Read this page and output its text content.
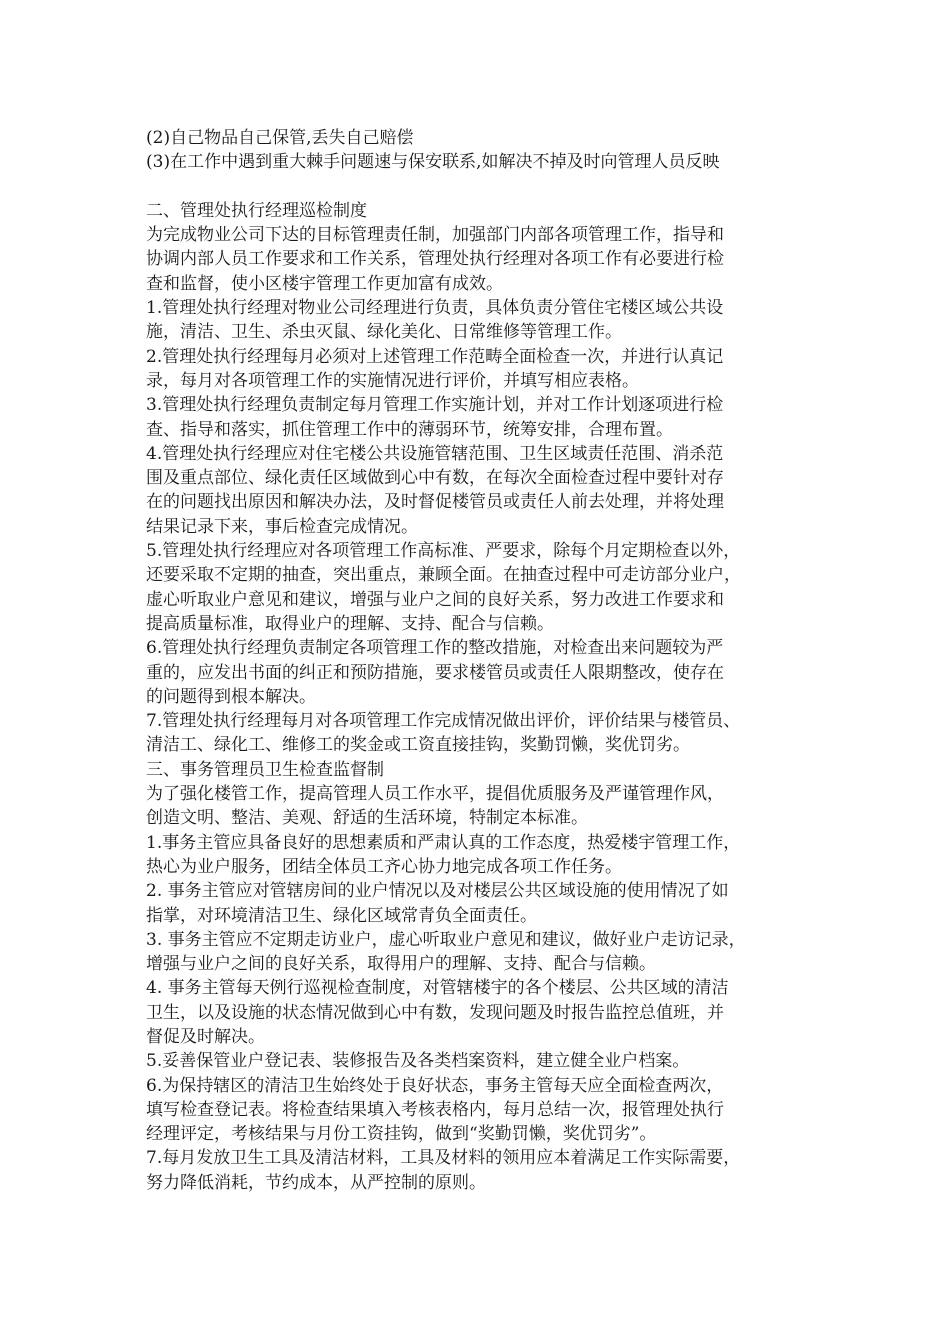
(2)自己物品自己保管,丢失自己赔偿
(3)在工作中遇到重大棘手问题速与保安联系,如解决不掉及时向管理人员反映
二、管理处执行经理巡检制度
为完成物业公司下达的目标管理责任制，加强部门内部各项管理工作，指导和
协调内部人员工作要求和工作关系，管理处执行经理对各项工作有必要进行检
查和监督，使小区楼宇管理工作更加富有成效。
1.管理处执行经理对物业公司经理进行负责，具体负责分管住宅楼区域公共设
施，清洁、卫生、杀虫灭鼠、绿化美化、日常维修等管理工作。
2.管理处执行经理每月必须对上述管理工作范畴全面检查一次，并进行认真记
录，每月对各项管理工作的实施情况进行评价，并填写相应表格。
3.管理处执行经理负责制定每月管理工作实施计划，并对工作计划逐项进行检
查、指导和落实，抓住管理工作中的薄弱环节，统筹安排，合理布置。
4.管理处执行经理应对住宅楼公共设施管辖范围、卫生区域责任范围、消杀范
围及重点部位、绿化责任区域做到心中有数，在每次全面检查过程中要针对存
在的问题找出原因和解决办法，及时督促楼管员或责任人前去处理，并将处理
结果记录下来，事后检查完成情况。
5.管理处执行经理应对各项管理工作高标准、严要求，除每个月定期检查以外，
还要采取不定期的抽查，突出重点，兼顾全面。在抽查过程中可走访部分业户，
虚心听取业户意见和建议，增强与业户之间的良好关系，努力改进工作要求和
提高质量标准，取得业户的理解、支持、配合与信赖。
6.管理处执行经理负责制定各项管理工作的整改措施，对检查出来问题较为严
重的，应发出书面的纠正和预防措施，要求楼管员或责任人限期整改，使存在
的问题得到根本解决。
7.管理处执行经理每月对各项管理工作完成情况做出评价，评价结果与楼管员、
清洁工、绿化工、维修工的奖金或工资直接挂钩，奖勤罚懒，奖优罚劣。
三、事务管理员卫生检查监督制
为了强化楼管工作，提高管理人员工作水平，提倡优质服务及严谨管理作风，
创造文明、整洁、美观、舒适的生活环境，特制定本标准。
1.事务主管应具备良好的思想素质和严肃认真的工作态度，热爱楼宇管理工作，
热心为业户服务，团结全体员工齐心协力地完成各项工作任务。
2. 事务主管应对管辖房间的业户情况以及对楼层公共区域设施的使用情况了如
指掌，对环境清洁卫生、绿化区域常青负全面责任。
3. 事务主管应不定期走访业户，虚心听取业户意见和建议，做好业户走访记录，
增强与业户之间的良好关系，取得用户的理解、支持、配合与信赖。
4. 事务主管每天例行巡视检查制度，对管辖楼宇的各个楼层、公共区域的清洁
卫生，以及设施的状态情况做到心中有数，发现问题及时报告监控总值班，并
督促及时解决。
5.妥善保管业户登记表、装修报告及各类档案资料，建立健全业户档案。
6.为保持辖区的清洁卫生始终处于良好状态，事务主管每天应全面检查两次，
填写检查登记表。将检查结果填入考核表格内，每月总结一次，报管理处执行
经理评定，考核结果与月份工资挂钩，做到“奖勤罚懒，奖优罚劣”。
7.每月发放卫生工具及清洁材料，工具及材料的领用应本着满足工作实际需要，
努力降低消耗，节约成本，从严控制的原则。
